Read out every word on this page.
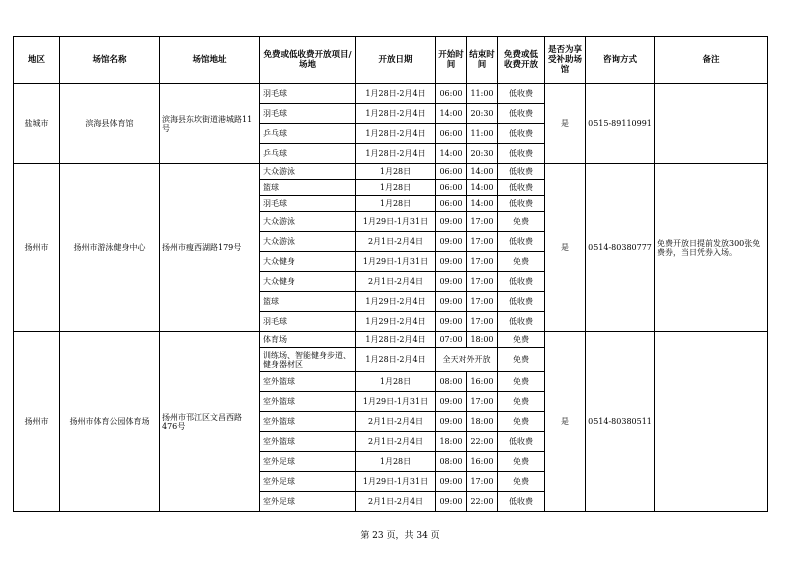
地区	场馆名称	场馆地址	免费或低收费开放项目/场地	开放日期	开始时间	结束时间	免费或低收费开放	是否为享受补助场馆	咨询方式	备注
盐城市	滨海县体育馆	滨海县东坎街道港城路11号	羽毛球	1月28日-2月4日	06:00	11:00	低收费	是	0515-89110991	
			羽毛球	1月28日-2月4日	14:00	20:30	低收费			
			乒乓球	1月28日-2月4日	06:00	11:00	低收费			
			乒乓球	1月28日-2月4日	14:00	20:30	低收费			
扬州市	扬州市游泳健身中心	扬州市瘦西湖路179号	大众游泳	1月28日	06:00	14:00	低收费	是	0514-80380777	免费开放日提前发放300张免费券，当日凭券入场。
			篮球	1月28日	06:00	14:00	低收费			
			羽毛球	1月28日	06:00	14:00	低收费			
			大众游泳	1月29日-1月31日	09:00	17:00	免费			
			大众游泳	2月1日-2月4日	09:00	17:00	低收费			
			大众健身	1月29日-1月31日	09:00	17:00	免费			
			大众健身	2月1日-2月4日	09:00	17:00	低收费			
			篮球	1月29日-2月4日	09:00	17:00	低收费			
			羽毛球	1月29日-2月4日	09:00	17:00	低收费			
扬州市	扬州市体育公园体育场	扬州市邗江区文昌西路476号	体育场	1月28日-2月4日	07:00	18:00	免费	是	0514-80380511	
			训练场、智能健身步道、健身器材区	1月28日-2月4日	全天对外开放		免费			
			室外篮球	1月28日	08:00	16:00	免费			
			室外篮球	1月29日-1月31日	09:00	17:00	免费			
			室外篮球	2月1日-2月4日	09:00	18:00	免费			
			室外篮球	2月1日-2月4日	18:00	22:00	低收费			
			室外足球	1月28日	08:00	16:00	免费			
			室外足球	1月29日-1月31日	09:00	17:00	免费			
			室外足球	2月1日-2月4日	09:00	22:00	低收费			
第 23 页，共 34 页
